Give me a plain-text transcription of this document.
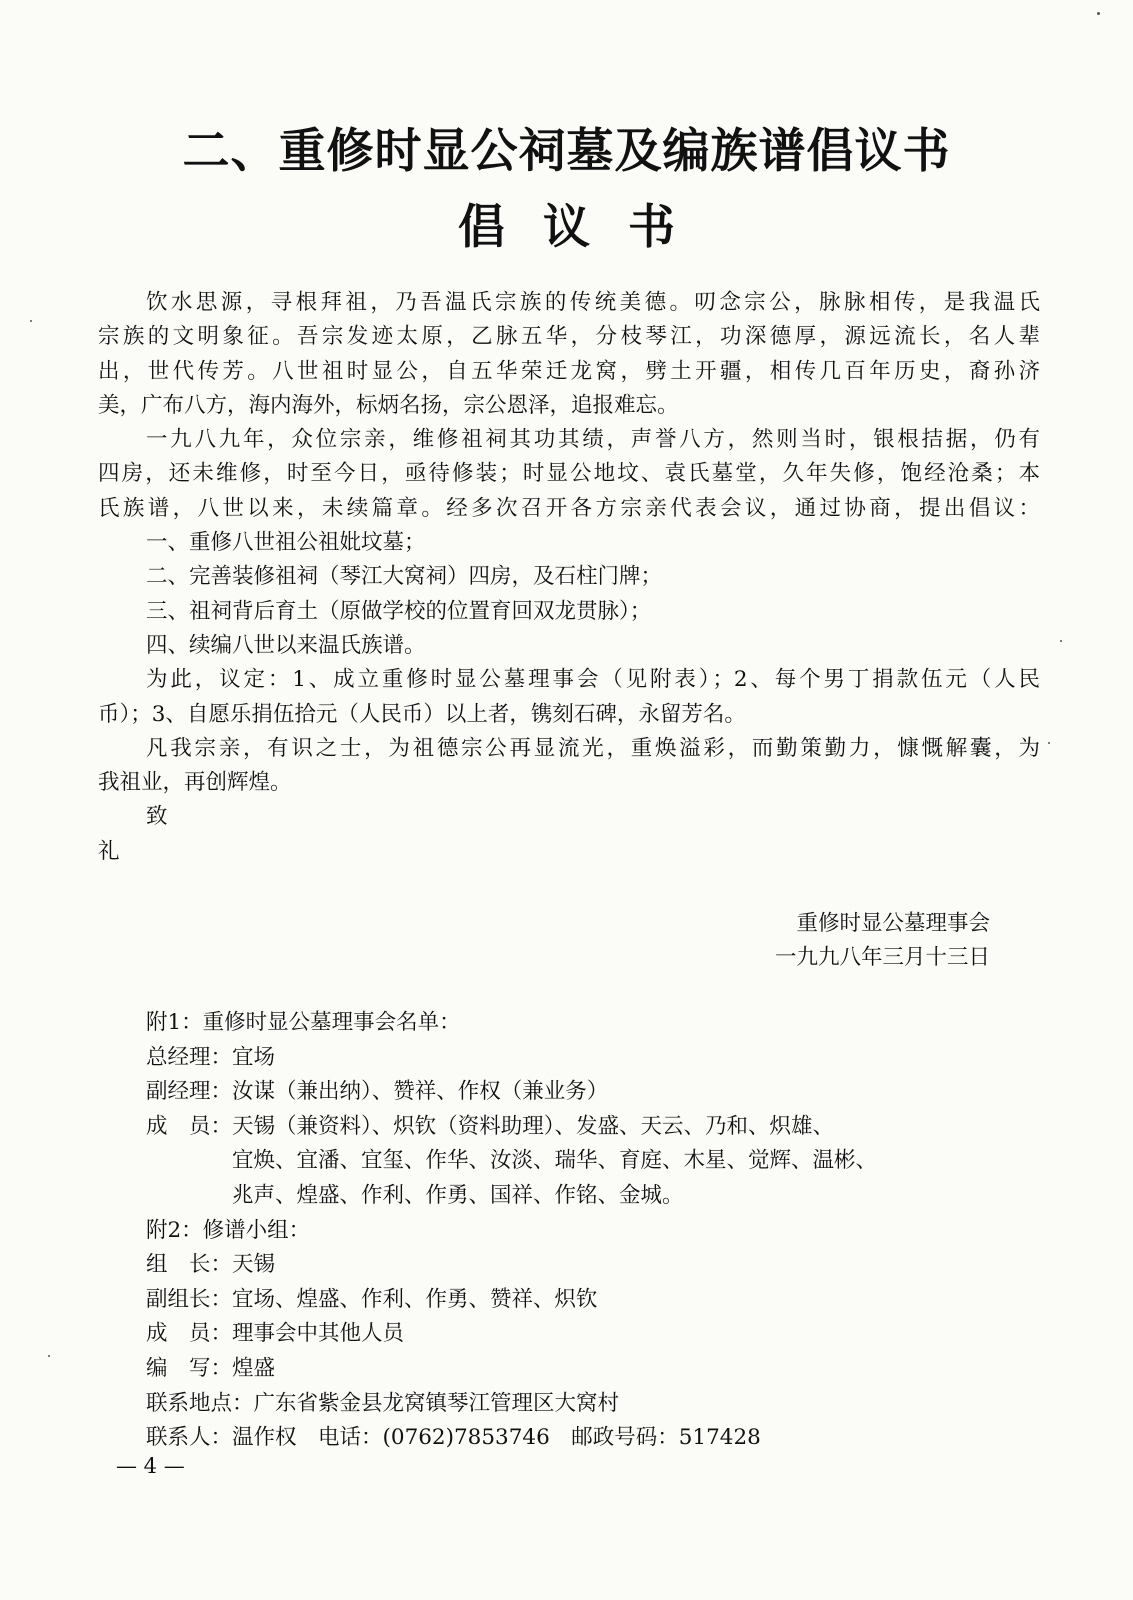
二、重修时显公祠墓及编族谱倡议书
倡议书

饮水思源，寻根拜祖，乃吾温氏宗族的传统美德。叨念宗公，脉脉相传，是我温氏

宗族的文明象征。吾宗发迹太原，乙脉五华，分枝琴江，功深德厚，源远流长，名人辈

出，世代传芳。八世祖时显公，自五华荣迁龙窝，劈土开疆，相传几百年历史，裔孙济

美，广布八方，海内海外，标炳名扬，宗公恩泽，追报难忘。

一九八九年，众位宗亲，维修祖祠其功其绩，声誉八方，然则当时，银根拮据，仍有

四房，还未维修，时至今日，亟待修装；时显公地坟、袁氏墓堂，久年失修，饱经沧桑；本

氏族谱，八世以来，未续篇章。经多次召开各方宗亲代表会议，通过协商，提出倡议：

一、重修八世祖公祖妣坟墓；

二、完善装修祖祠（琴江大窝祠）四房，及石柱门牌；

三、祖祠背后育土（原做学校的位置育回双龙贯脉）；

四、续编八世以来温氏族谱。

为此，议定：1、成立重修时显公墓理事会（见附表）；2、每个男丁捐款伍元（人民

币）；3、自愿乐捐伍拾元（人民币）以上者，镌刻石碑，永留芳名。

凡我宗亲，有识之士，为祖德宗公再显流光，重焕溢彩，而勤策勤力，慷慨解囊，为

我祖业，再创辉煌。

致

礼

重修时显公墓理事会
一九九八年三月十三日
附1：重修时显公墓理事会名单：
总经理：宜场
副经理：汝谋（兼出纳）、赞祥、作权（兼业务）
成　员：天锡（兼资料）、炽钦（资料助理）、发盛、天云、乃和、炽雄、
宜焕、宜潘、宜玺、作华、汝淡、瑞华、育庭、木星、觉辉、温彬、
兆声、煌盛、作利、作勇、国祥、作铭、金城。
附2：修谱小组：
组　长：天锡
副组长：宜场、煌盛、作利、作勇、赞祥、炽钦
成　员：理事会中其他人员
编　写：煌盛
联系地点：广东省紫金县龙窝镇琴江管理区大窝村
联系人：温作权　电话：(0762)7853746　邮政号码：517428
— 4 —
